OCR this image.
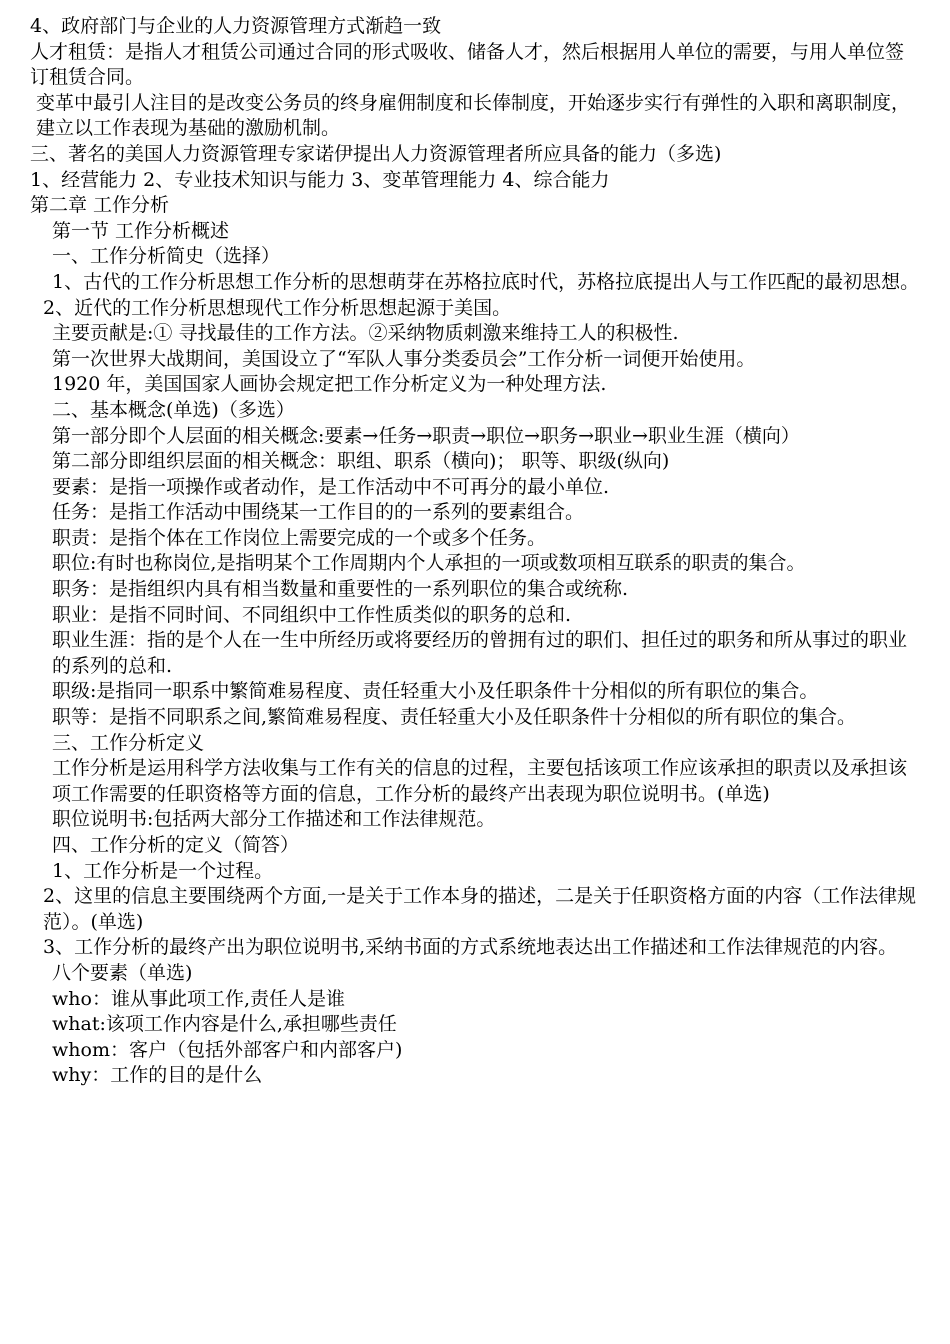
4、政府部门与企业的人力资源管理方式渐趋一致

人才租赁：是指人才租赁公司通过合同的形式吸收、储备人才，然后根据用人单位的需要，与用人单位签订租赁合同。

变革中最引人注目的是改变公务员的终身雇佣制度和长俸制度，开始逐步实行有弹性的入职和离职制度，建立以工作表现为基础的激励机制。

三、著名的美国人力资源管理专家诺伊提出人力资源管理者所应具备的能力（多选)

1、经营能力 2、专业技术知识与能力 3、变革管理能力 4、综合能力

第二章 工作分析

第一节 工作分析概述

一、工作分析简史（选择）

1、古代的工作分析思想工作分析的思想萌芽在苏格拉底时代，苏格拉底提出人与工作匹配的最初思想。

2、近代的工作分析思想现代工作分析思想起源于美国。

主要贡献是:① 寻找最佳的工作方法。②采纳物质刺激来维持工人的积极性.

第一次世界大战期间，美国设立了“军队人事分类委员会”工作分析一词便开始使用。

1920 年，美国国家人画协会规定把工作分析定义为一种处理方法.

二、基本概念(单选)（多选）

第一部分即个人层面的相关概念:要素→任务→职责→职位→职务→职业→职业生涯（横向）

第二部分即组织层面的相关概念：职组、职系（横向)； 职等、职级(纵向)

要素：是指一项操作或者动作，是工作活动中不可再分的最小单位.

任务：是指工作活动中围绕某一工作目的的一系列的要素组合。

职责：是指个体在工作岗位上需要完成的一个或多个任务。

职位:有时也称岗位,是指明某个工作周期内个人承担的一项或数项相互联系的职责的集合。

职务：是指组织内具有相当数量和重要性的一系列职位的集合或统称.

职业：是指不同时间、不同组织中工作性质类似的职务的总和.

职业生涯：指的是个人在一生中所经历或将要经历的曾拥有过的职们、担任过的职务和所从事过的职业的系列的总和.

职级:是指同一职系中繁简难易程度、责任轻重大小及任职条件十分相似的所有职位的集合。

职等：是指不同职系之间,繁简难易程度、责任轻重大小及任职条件十分相似的所有职位的集合。

三、工作分析定义

工作分析是运用科学方法收集与工作有关的信息的过程，主要包括该项工作应该承担的职责以及承担该项工作需要的任职资格等方面的信息，工作分析的最终产出表现为职位说明书。(单选)

职位说明书:包括两大部分工作描述和工作法律规范。

四、工作分析的定义（简答）

1、工作分析是一个过程。

2、这里的信息主要围绕两个方面,一是关于工作本身的描述，二是关于任职资格方面的内容（工作法律规范）。(单选)

3、工作分析的最终产出为职位说明书,采纳书面的方式系统地表达出工作描述和工作法律规范的内容。

八个要素（单选)

who：谁从事此项工作,责任人是谁

what:该项工作内容是什么,承担哪些责任

whom：客户（包括外部客户和内部客户)

why：工作的目的是什么
